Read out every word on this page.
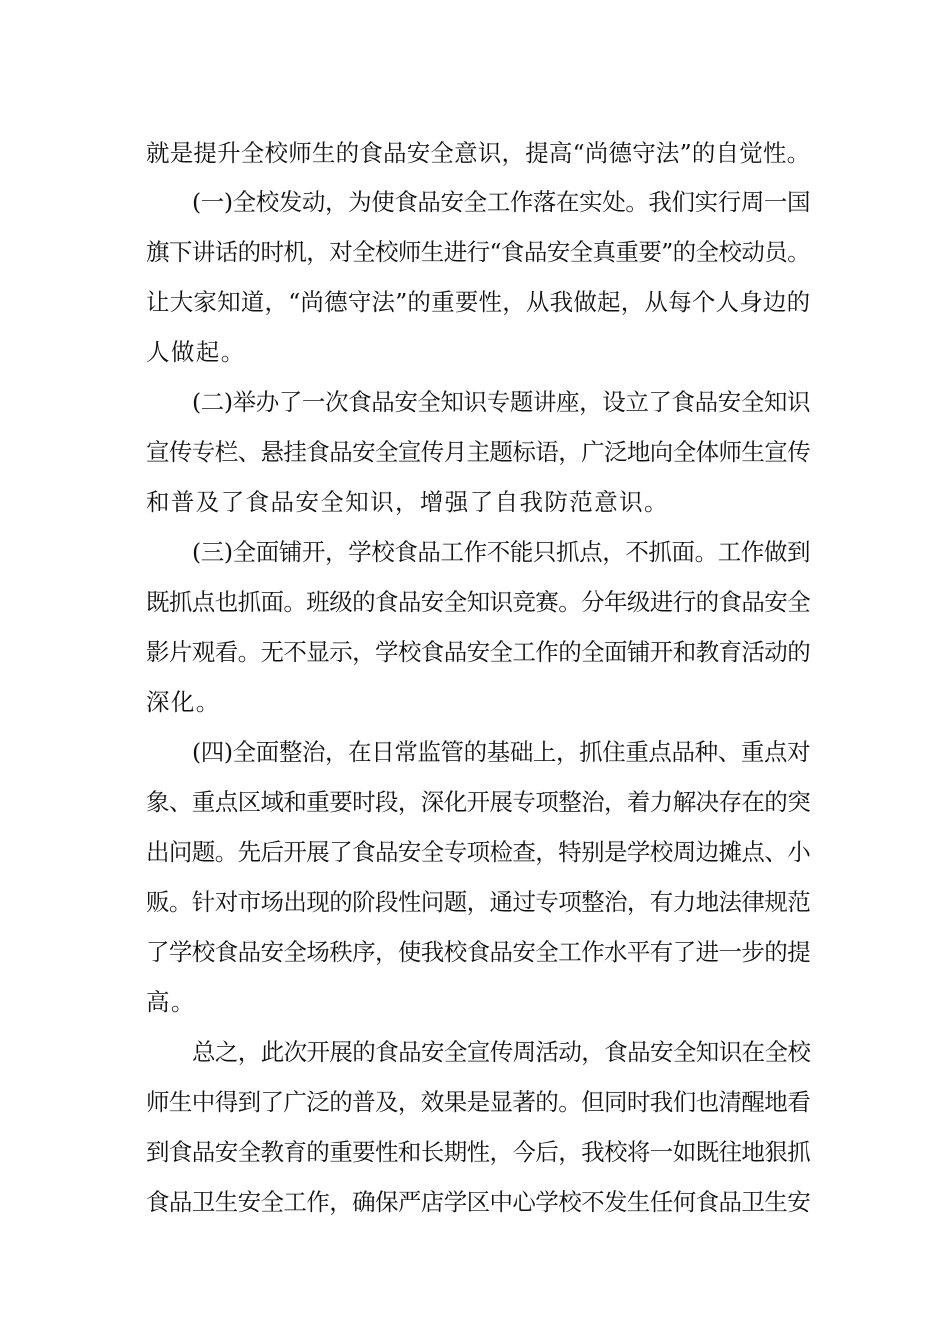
就是提升全校师生的食品安全意识，提高“尚德守法”的自觉性。
(一)全校发动，为使食品安全工作落在实处。我们实行周一国
旗下讲话的时机，对全校师生进行“食品安全真重要”的全校动员。
让大家知道，“尚德守法”的重要性，从我做起，从每个人身边的
人做起。
(二)举办了一次食品安全知识专题讲座，设立了食品安全知识
宣传专栏、悬挂食品安全宣传月主题标语，广泛地向全体师生宣传
和普及了食品安全知识，增强了自我防范意识。
(三)全面铺开，学校食品工作不能只抓点，不抓面。工作做到
既抓点也抓面。班级的食品安全知识竞赛。分年级进行的食品安全
影片观看。无不显示，学校食品安全工作的全面铺开和教育活动的
深化。
(四)全面整治，在日常监管的基础上，抓住重点品种、重点对
象、重点区域和重要时段，深化开展专项整治，着力解决存在的突
出问题。先后开展了食品安全专项检查，特别是学校周边摊点、小
贩。针对市场出现的阶段性问题，通过专项整治，有力地法律规范
了学校食品安全场秩序，使我校食品安全工作水平有了进一步的提
高。
总之，此次开展的食品安全宣传周活动，食品安全知识在全校
师生中得到了广泛的普及，效果是显著的。但同时我们也清醒地看
到食品安全教育的重要性和长期性，今后，我校将一如既往地狠抓
食品卫生安全工作，确保严店学区中心学校不发生任何食品卫生安
